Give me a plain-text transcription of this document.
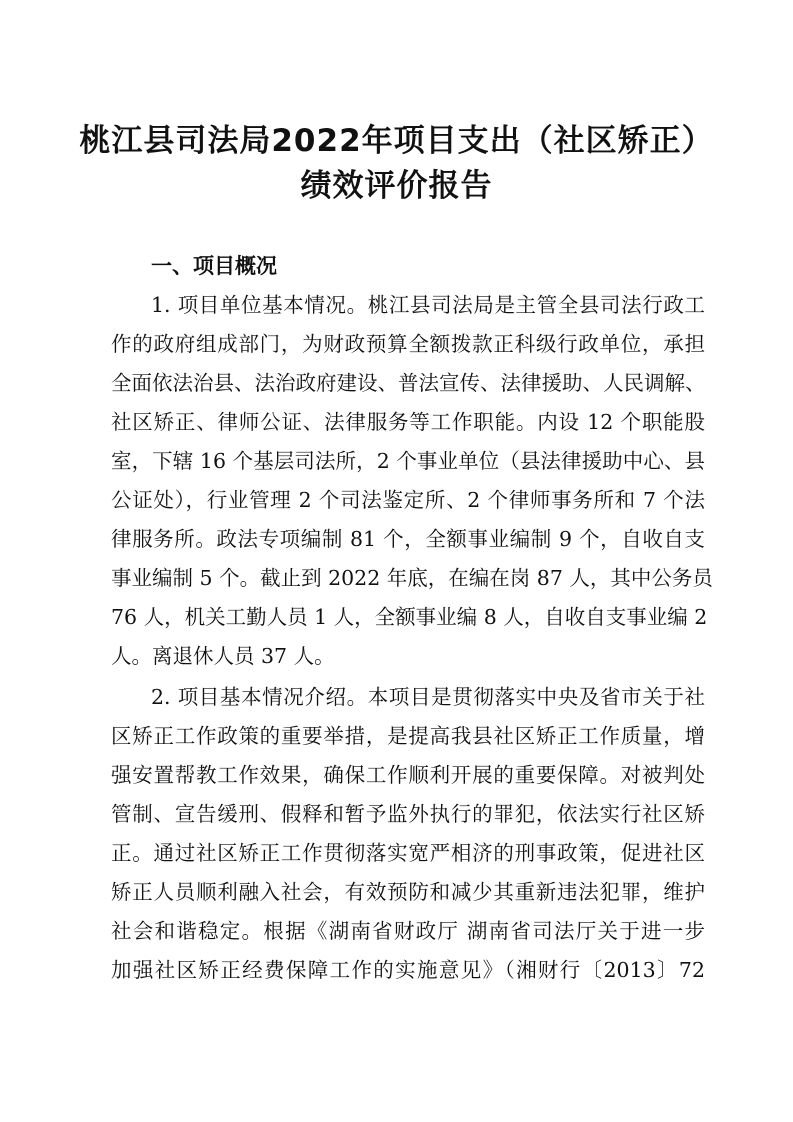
桃江县司法局2022年项目支出（社区矫正）
绩效评价报告
一、项目概况
1. 项目单位基本情况。桃江县司法局是主管全县司法行政工
作的政府组成部门，为财政预算全额拨款正科级行政单位，承担
全面依法治县、法治政府建设、普法宣传、法律援助、人民调解、
社区矫正、律师公证、法律服务等工作职能。内设 12 个职能股
室，下辖 16 个基层司法所，2 个事业单位（县法律援助中心、县
公证处），行业管理 2 个司法鉴定所、2 个律师事务所和 7 个法
律服务所。政法专项编制 81 个，全额事业编制 9 个，自收自支
事业编制 5 个。截止到 2022 年底，在编在岗 87 人，其中公务员
76 人，机关工勤人员 1 人，全额事业编 8 人，自收自支事业编 2
人。离退休人员 37 人。
2. 项目基本情况介绍。本项目是贯彻落实中央及省市关于社
区矫正工作政策的重要举措，是提高我县社区矫正工作质量，增
强安置帮教工作效果，确保工作顺利开展的重要保障。对被判处
管制、宣告缓刑、假释和暂予监外执行的罪犯，依法实行社区矫
正。通过社区矫正工作贯彻落实宽严相济的刑事政策，促进社区
矫正人员顺利融入社会，有效预防和减少其重新违法犯罪，维护
社会和谐稳定。根据《湖南省财政厅 湖南省司法厅关于进一步
加强社区矫正经费保障工作的实施意见》（湘财行〔2013〕72
